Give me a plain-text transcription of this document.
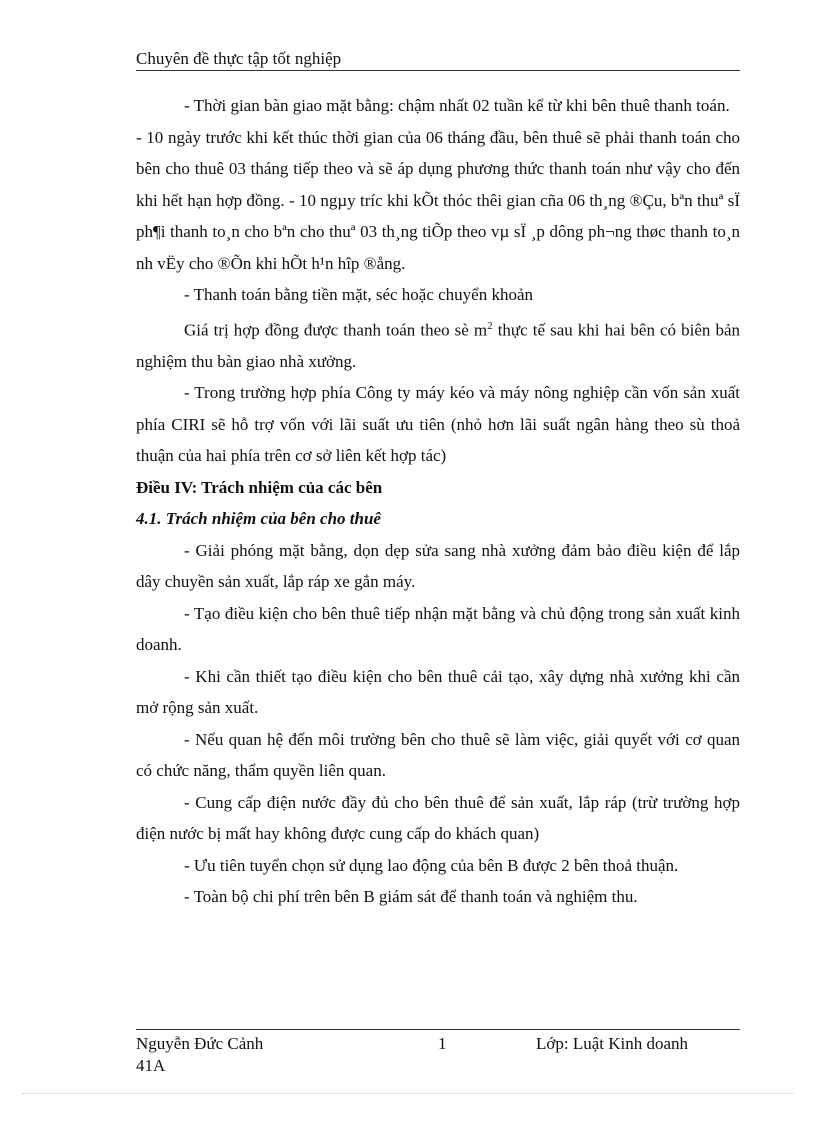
Chuyên đề thực tập tốt nghiệp

- Thời gian bàn giao mặt bằng: chậm nhất 02 tuần kể từ khi bên thuê thanh toán.

- 10 ngày trước khi kết thúc thời gian của 06 tháng đầu, bên thuê sẽ phải thanh toán cho bên cho thuê 03 tháng tiếp theo và sẽ áp dụng phương thức thanh toán như vậy cho đến khi hết hạn hợp đồng. - 10 ngµy tríc khi kÕt thóc thêi gian cña 06 th¸ng ®Çu, bªn thuª sÏ ph¶i thanh to¸n cho bªn cho thuª 03 th¸ng tiÕp theo vµ sÏ ¸p dông ph¬ng thøc thanh to¸n nh vËy cho ®Õn khi hÕt h¹n hîp ®ång.

- Thanh toán bằng tiền mặt, séc hoặc chuyển khoản

Giá trị hợp đồng được thanh toán theo sè $m^2$ thực tế sau khi hai bên có biên bản nghiệm thu bàn giao nhà xưởng.

- Trong trường hợp phía Công ty máy kéo và máy nông nghiệp cần vốn sản xuất phía CIRI sẽ hỗ trợ vốn với lãi suất ưu tiên (nhỏ hơn lãi suất ngân hàng theo sù thoả thuận của hai phía trên cơ sở liên kết hợp tác)

Điều IV: Trách nhiệm của các bên

4.1. Trách nhiệm của bên cho thuê

- Giải phóng mặt bằng, dọn dẹp sửa sang nhà xưởng đảm bảo điều kiện để lắp dây chuyền sản xuất, lắp ráp xe gắn máy.

- Tạo điều kiện cho bên thuê tiếp nhận mặt bằng và chủ động trong sản xuất kinh doanh.

- Khi cần thiết tạo điều kiện cho bên thuê cải tạo, xây dựng nhà xưởng khi cần mở rộng sản xuất.

- Nếu quan hệ đến môi trường bên cho thuê sẽ làm việc, giải quyết với cơ quan có chức năng, thẩm quyền liên quan.

- Cung cấp điện nước đầy đủ cho bên thuê để sản xuất, lắp ráp (trừ trường hợp điện nước bị mất hay không được cung cấp do khách quan)

- Ưu tiên tuyển chọn sử dụng lao động của bên B được 2 bên thoả thuận.

- Toàn bộ chi phí trên bên B giám sát để thanh toán và nghiệm thu.

Nguyễn Đức Cảnh
41A
1	Lớp: Luật Kinh doanh
